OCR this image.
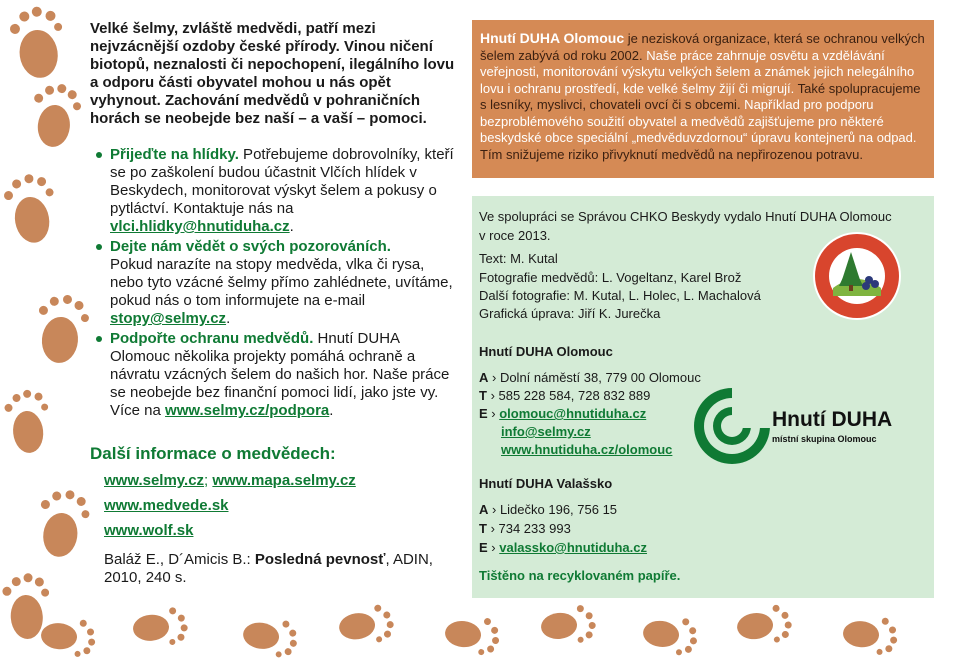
Velké šelmy, zvláště medvědi, patří mezi nejvzácnější ozdoby české přírody. Vinou ničení biotopů, neznalosti či nepochopení, ilegálního lovu a odporu části obyvatel mohou u nás opět vyhynout. Zachování medvědů v pohraničních horách se neobejde bez naší – a vaší – pomoci.

Přijeďte na hlídky. Potřebujeme dobrovolníky, kteří se po zaškolení budou účastnit Vlčích hlídek v Beskydech, monitorovat výskyt šelem a pokusy o pytláctví. Kontaktuje nás na vlci.hlidky@hnutiduha.cz.
Dejte nám vědět o svých pozorováních.
Pokud narazíte na stopy medvěda, vlka či rysa, nebo tyto vzácné šelmy přímo zahlédnete, uvítáme, pokud nás o tom informujete na e-mail stopy@selmy.cz.
Podpořte ochranu medvědů. Hnutí DUHA Olomouc několika projekty pomáhá ochraně a návratu vzácných šelem do našich hor. Naše práce se neobejde bez finanční pomoci lidí, jako jste vy.
Více na www.selmy.cz/podpora.
Další informace o medvědech:
www.selmy.cz; www.mapa.selmy.cz
www.medvede.sk
www.wolf.sk
Baláž E., D´Amicis B.: Posledná pevnosť, ADIN, 2010, 240 s.

Hnutí DUHA Olomouc je nezisková organizace, která se ochranou velkých šelem zabývá od roku 2002. Naše práce zahrnuje osvětu a vzdělávání veřejnosti, monitorování výskytu velkých šelem a známek jejich nelegálního lovu i ochranu prostředí, kde velké šelmy žijí či migrují. Také spolupracujeme s lesníky, myslivci, chovateli ovcí či s obcemi. Například pro podporu bezproblémového soužití obyvatel a medvědů zajišťujeme pro některé beskydské obce speciální „medvěduvzdornou“ úpravu kontejnerů na odpad. Tím snižujeme riziko přivyknutí medvědů na nepřirozenou potravu.

Ve spolupráci se Správou CHKO Beskydy vydalo Hnutí DUHA Olomouc

v roce 2013.

Text: M. Kutal

Fotografie medvědů: L. Vogeltanz, Karel Brož

Další fotografie: M. Kutal, L. Holec, L. Machalová

Grafická úprava: Jiří K. Jurečka

Hnutí DUHA Olomouc

A › Dolní náměstí 38, 779 00 Olomouc

T › 585 228 584, 728 832 889

E › olomouc@hnutiduha.cz

info@selmy.cz

www.hnutiduha.cz/olomouc

Hnutí DUHA

místní skupina Olomouc

Hnutí DUHA Valašsko

A › Lidečko 196, 756 15

T › 734 233 993

E › valassko@hnutiduha.cz

Tištěno na recyklovaném papíře.
